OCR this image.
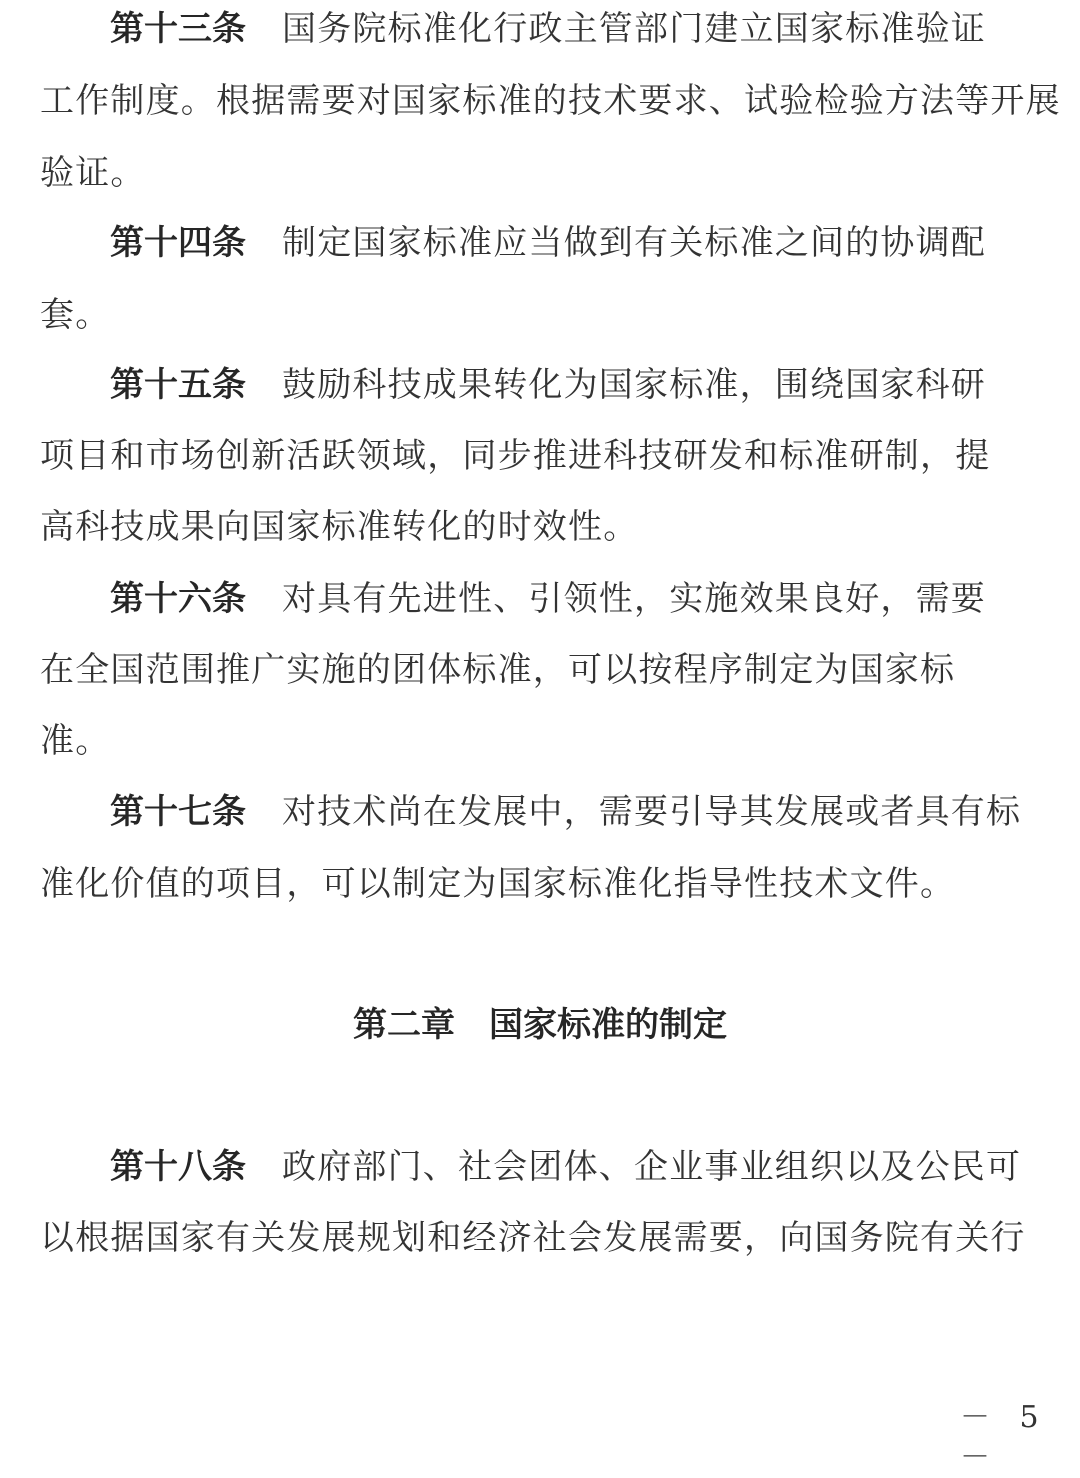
第十三条 国务院标准化行政主管部门建立国家标准验证
工作制度。根据需要对国家标准的技术要求、试验检验方法等开展
验证。
第十四条 制定国家标准应当做到有关标准之间的协调配
套。
第十五条 鼓励科技成果转化为国家标准，围绕国家科研
项目和市场创新活跃领域，同步推进科技研发和标准研制，提
高科技成果向国家标准转化的时效性。
第十六条 对具有先进性、引领性，实施效果良好，需要
在全国范围推广实施的团体标准，可以按程序制定为国家标
准。
第十七条 对技术尚在发展中，需要引导其发展或者具有标
准化价值的项目，可以制定为国家标准化指导性技术文件。
第二章 国家标准的制定
第十八条 政府部门、社会团体、企业事业组织以及公民可
以根据国家有关发展规划和经济社会发展需要，向国务院有关行
－ 5 －
